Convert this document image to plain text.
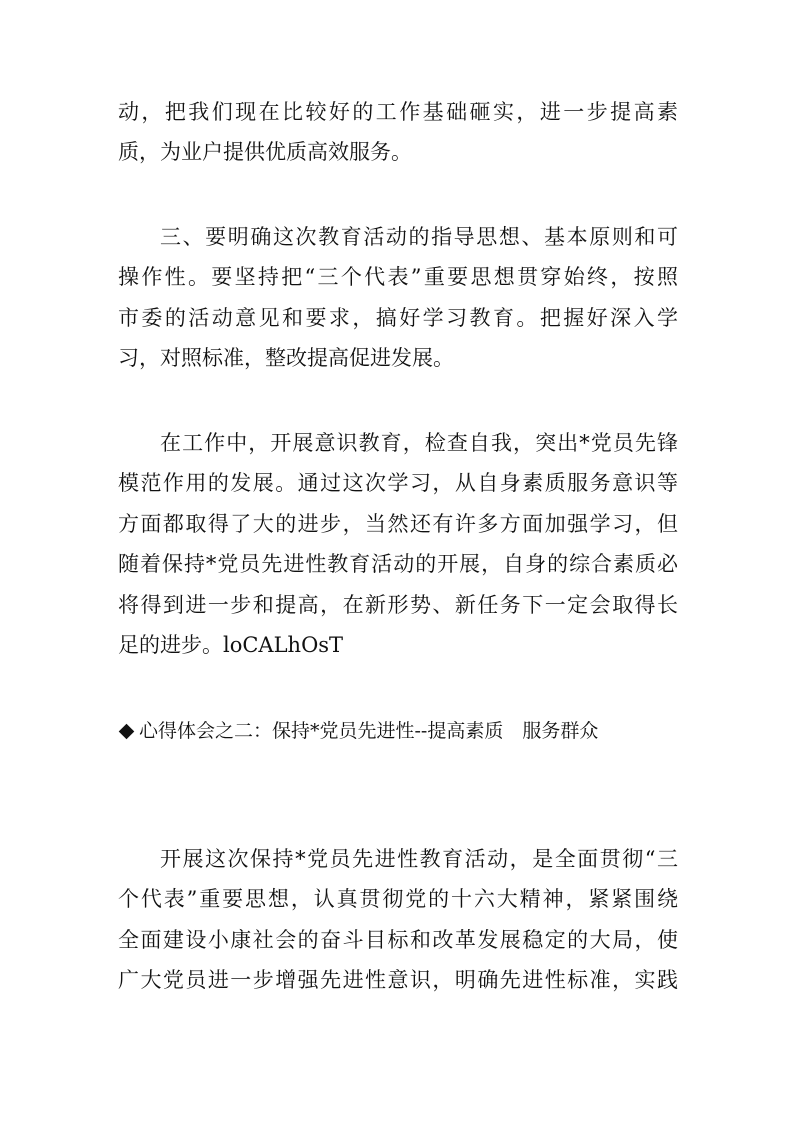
动，把我们现在比较好的工作基础砸实，进一步提高素
质，为业户提供优质高效服务。
三、要明确这次教育活动的指导思想、基本原则和可
操作性。要坚持把“三个代表”重要思想贯穿始终，按照
市委的活动意见和要求，搞好学习教育。把握好深入学
习，对照标准，整改提高促进发展。
在工作中，开展意识教育，检查自我，突出*党员先锋
模范作用的发展。通过这次学习，从自身素质服务意识等
方面都取得了大的进步，当然还有许多方面加强学习，但
随着保持*党员先进性教育活动的开展，自身的综合素质必
将得到进一步和提高，在新形势、新任务下一定会取得长
足的进步。loCALhOsT
心得体会之二：保持*党员先进性--提高素质　服务群众
开展这次保持*党员先进性教育活动，是全面贯彻“三
个代表”重要思想，认真贯彻党的十六大精神，紧紧围绕
全面建设小康社会的奋斗目标和改革发展稳定的大局，使
广大党员进一步增强先进性意识，明确先进性标准，实践
